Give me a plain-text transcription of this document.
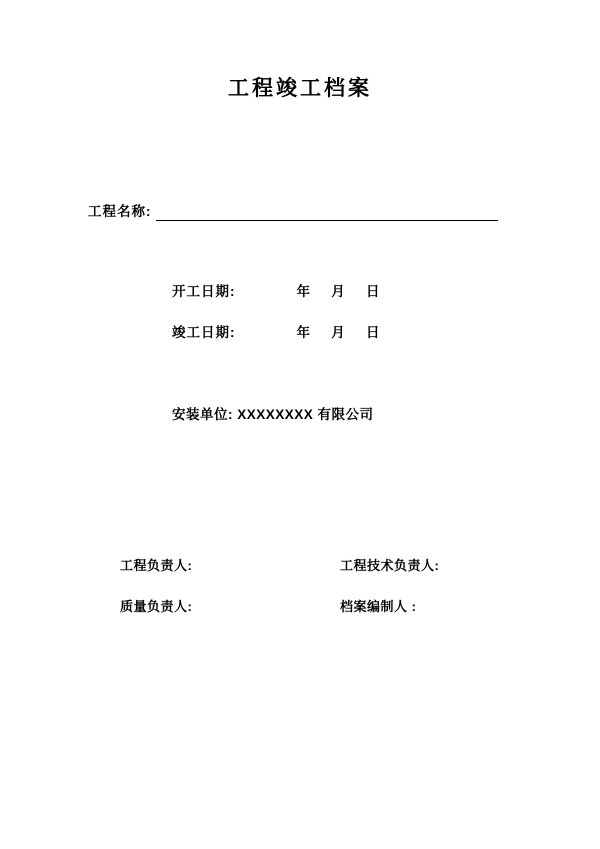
工程竣工档案
工程名称:
开工日期:	年 月 日
竣工日期:	年 月 日
安装单位: XXXXXXXX 有限公司
工程负责人:	工程技术负责人:
质量负责人:	档案编制人 :
